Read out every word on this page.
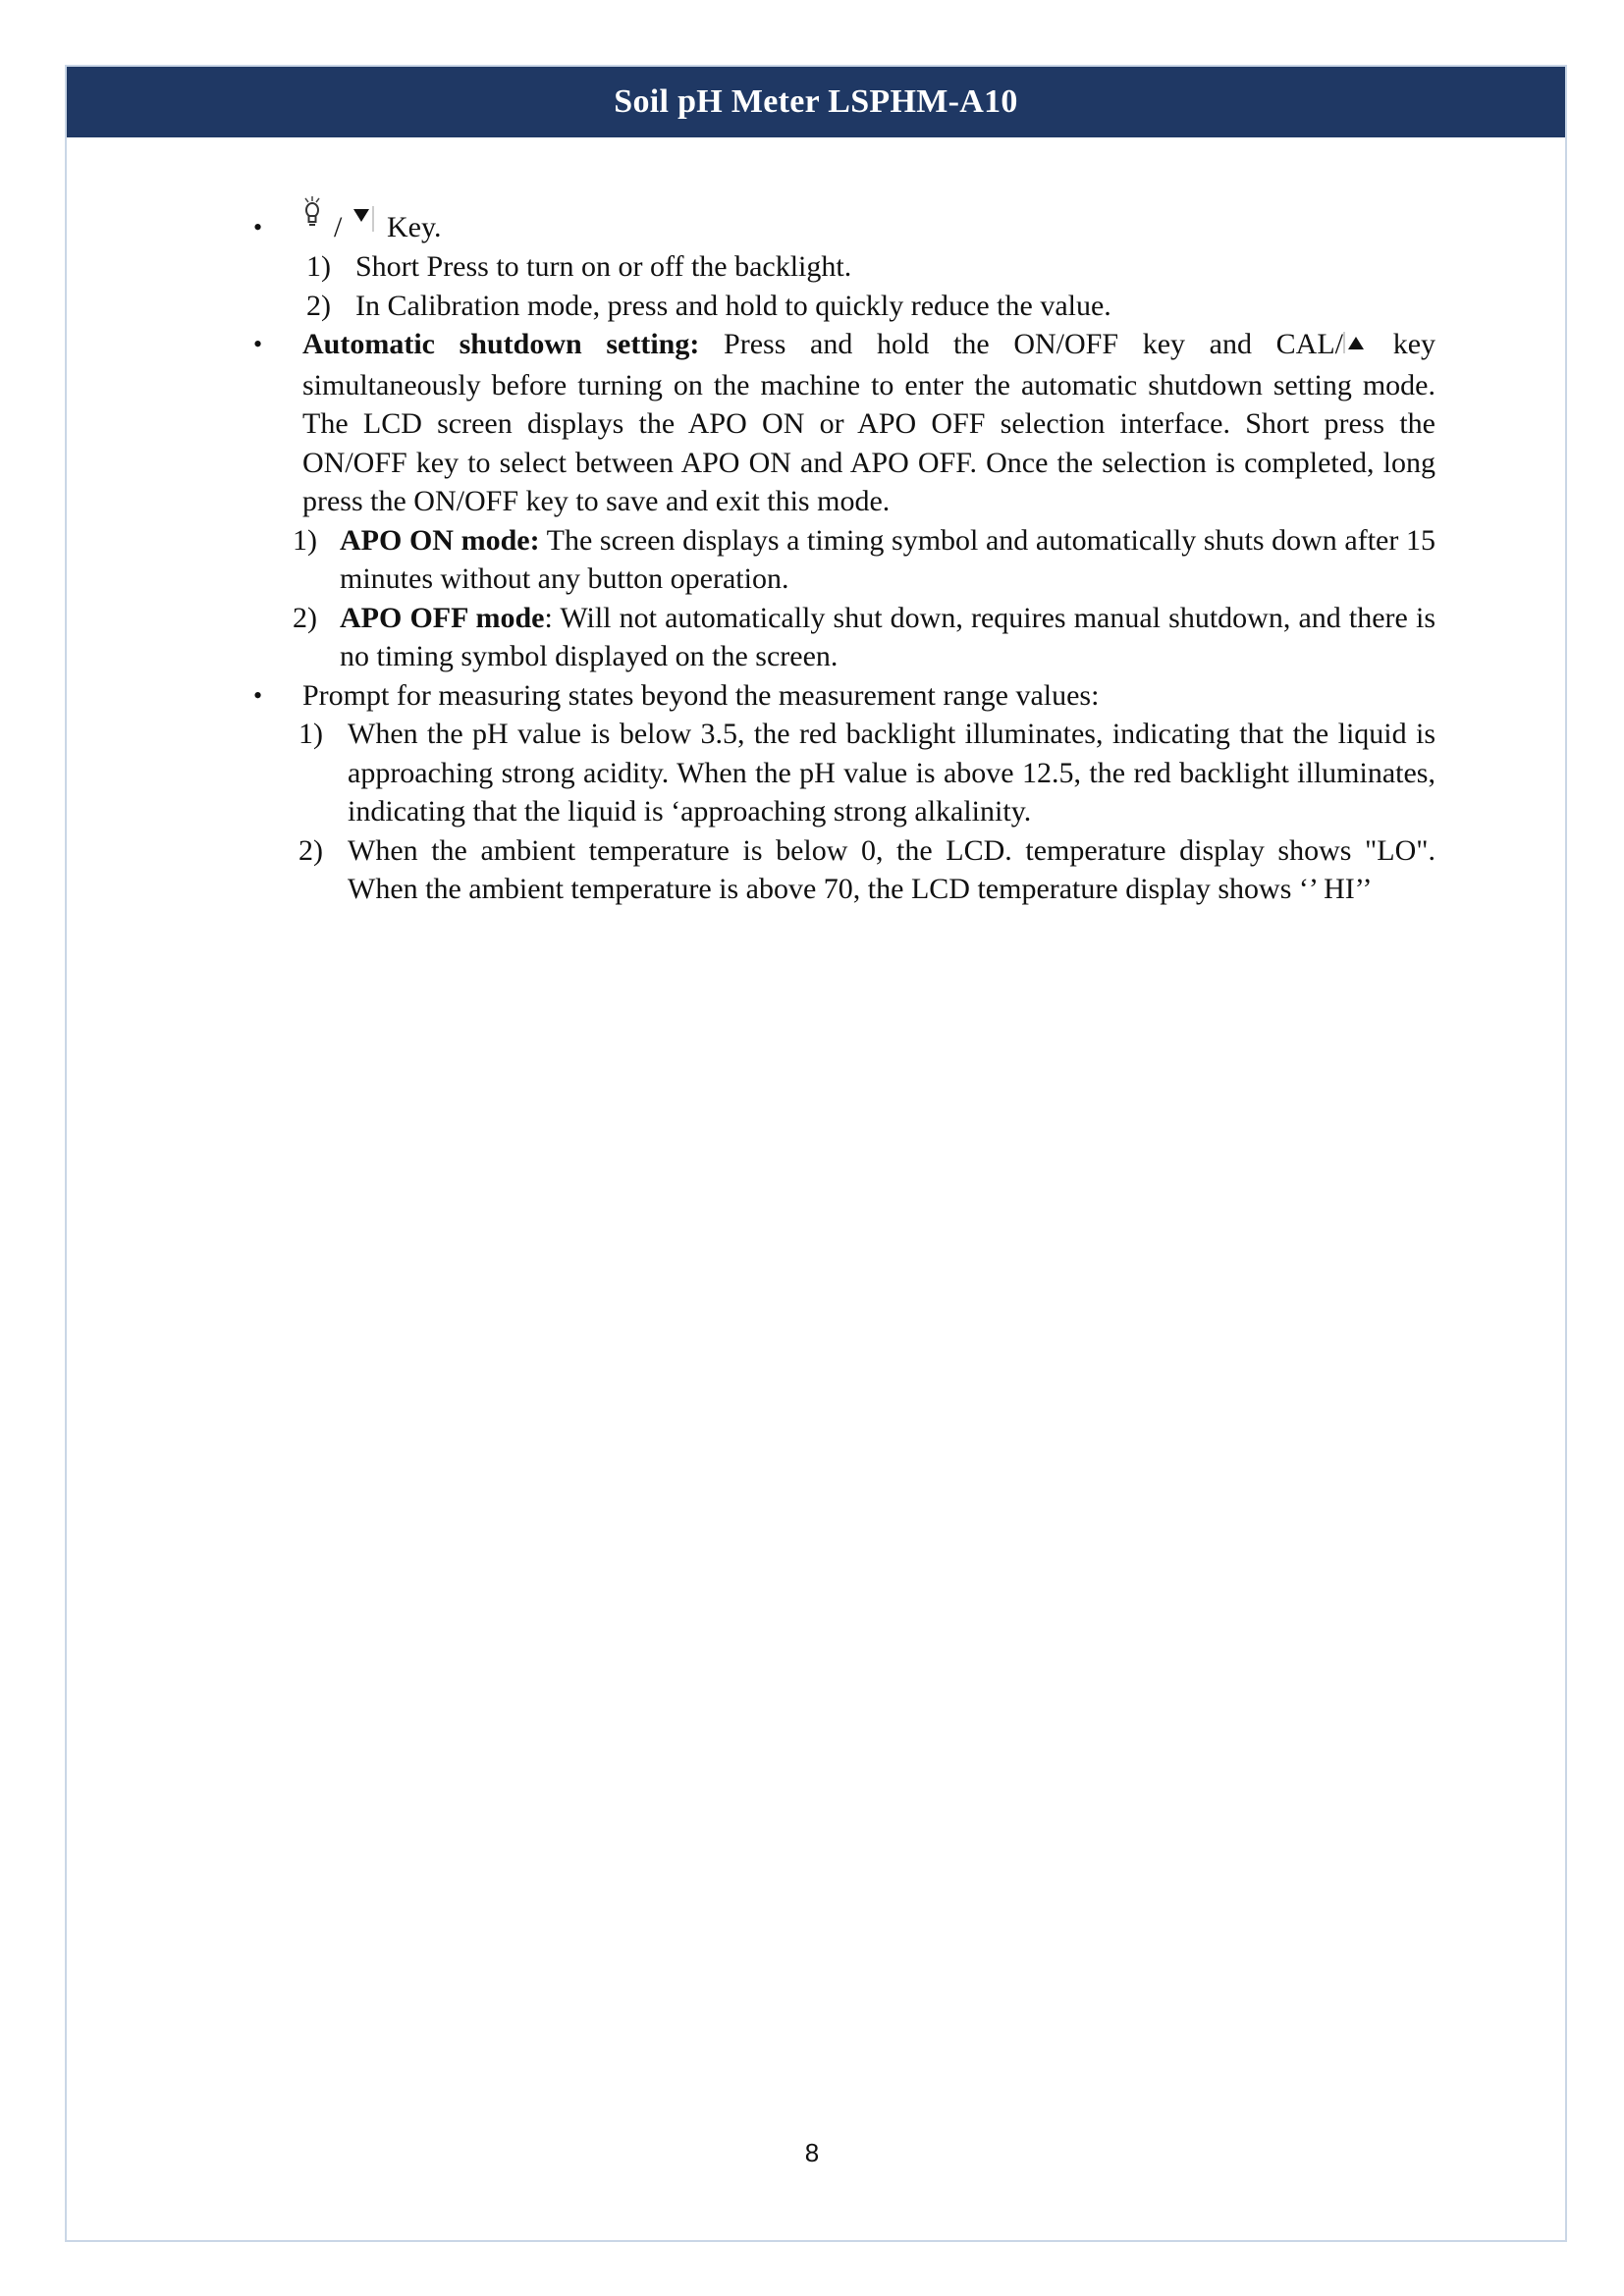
Soil pH Meter LSPHM-A10
• / Key.
1) Short Press to turn on or off the backlight.
2) In Calibration mode, press and hold to quickly reduce the value.
• Automatic shutdown setting: Press and hold the ON/OFF key and CAL/ key simultaneously before turning on the machine to enter the automatic shutdown setting mode. The LCD screen displays the APO ON or APO OFF selection interface. Short press the ON/OFF key to select between APO ON and APO OFF. Once the selection is completed, long press the ON/OFF key to save and exit this mode.
1) APO ON mode: The screen displays a timing symbol and automatically shuts down after 15 minutes without any button operation.
2) APO OFF mode: Will not automatically shut down, requires manual shutdown, and there is no timing symbol displayed on the screen.
• Prompt for measuring states beyond the measurement range values:
1) When the pH value is below 3.5, the red backlight illuminates, indicating that the liquid is approaching strong acidity. When the pH value is above 12.5, the red backlight illuminates, indicating that the liquid is ‘approaching strong alkalinity.
2) When the ambient temperature is below 0, the LCD. temperature display shows "LO". When the ambient temperature is above 70, the LCD temperature display shows ‘’ HI’’
8
